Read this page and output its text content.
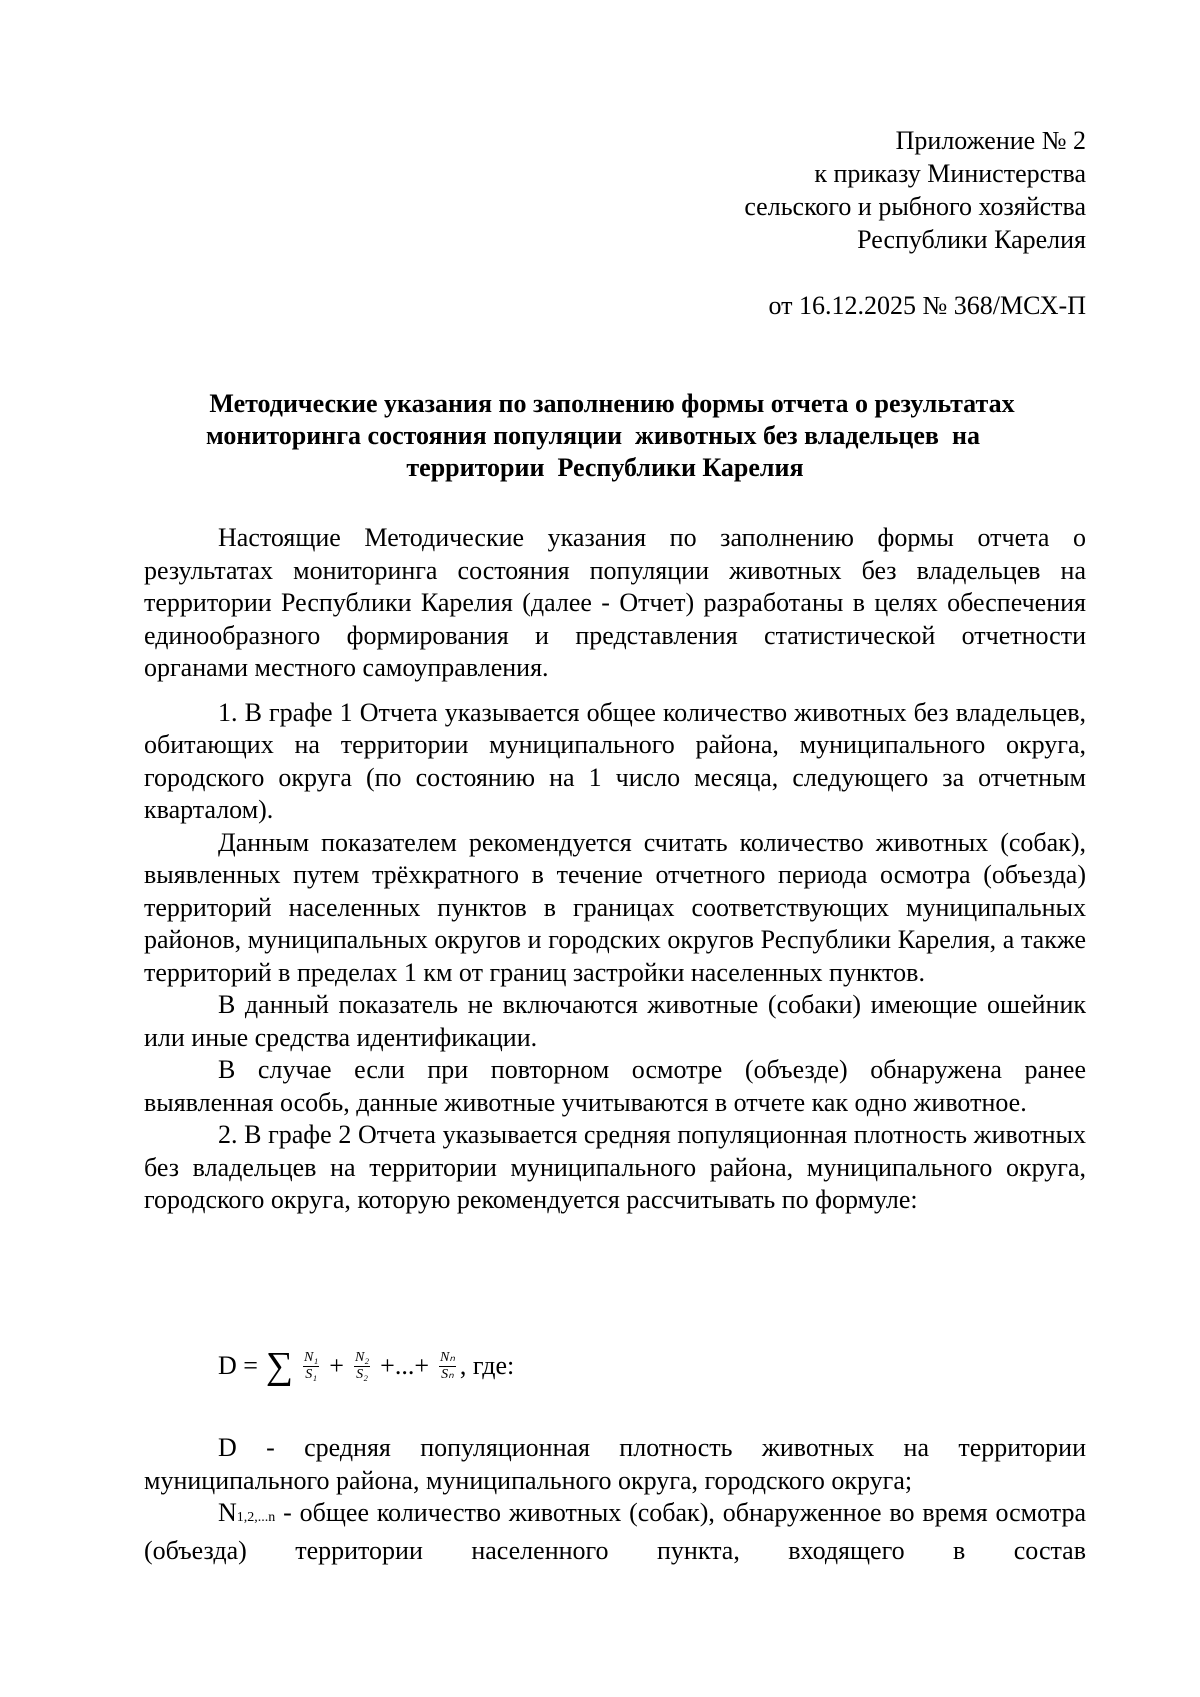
Приложение № 2
к приказу Министерства
сельского и рыбного хозяйства
Республики Карелия
от 16.12.2025 № 368/МСХ-П
Методические указания по заполнению формы отчета о результатах
мониторинга состояния популяции  животных без владельцев  на
территории  Республики Карелия

Настоящие Методические указания по заполнению формы отчета о результатах мониторинга состояния популяции животных без владельцев на территории Республики Карелия (далее - Отчет) разработаны в целях обеспечения единообразного формирования и представления статистической отчетности органами местного самоуправления.

1. В графе 1 Отчета указывается общее количество животных без владельцев, обитающих на территории муниципального района, муниципального округа, городского округа (по состоянию на 1 число месяца, следующего за отчетным кварталом).

Данным показателем рекомендуется считать количество животных (собак), выявленных путем трёхкратного в течение отчетного периода осмотра (объезда) территорий населенных пунктов в границах соответствующих муниципальных районов, муниципальных округов и городских округов Республики Карелия, а также территорий в пределах 1 км от границ застройки населенных пунктов.

В данный показатель не включаются животные (собаки) имеющие ошейник или иные средства идентификации.

В случае если при повторном осмотре (объезде) обнаружена ранее выявленная особь, данные животные учитываются в отчете как одно животное.

2. В графе 2 Отчета указывается средняя популяционная плотность животных без владельцев на территории муниципального района, муниципального округа, городского округа, которую рекомендуется рассчитывать по формуле:

D = ∑ $\frac{\text{N₁}}{\text{S₁}} + \frac{\text{N₂}}{\text{S₂}}$ +...+ $\frac{\text{Nₙ}}{\text{Sₙ}}$ , где:

D - средняя популяционная плотность животных на территории муниципального района, муниципального округа, городского округа;

N1,2,...n - общее количество животных (собак), обнаруженное во время осмотра (объезда) территории населенного пункта, входящего в состав
